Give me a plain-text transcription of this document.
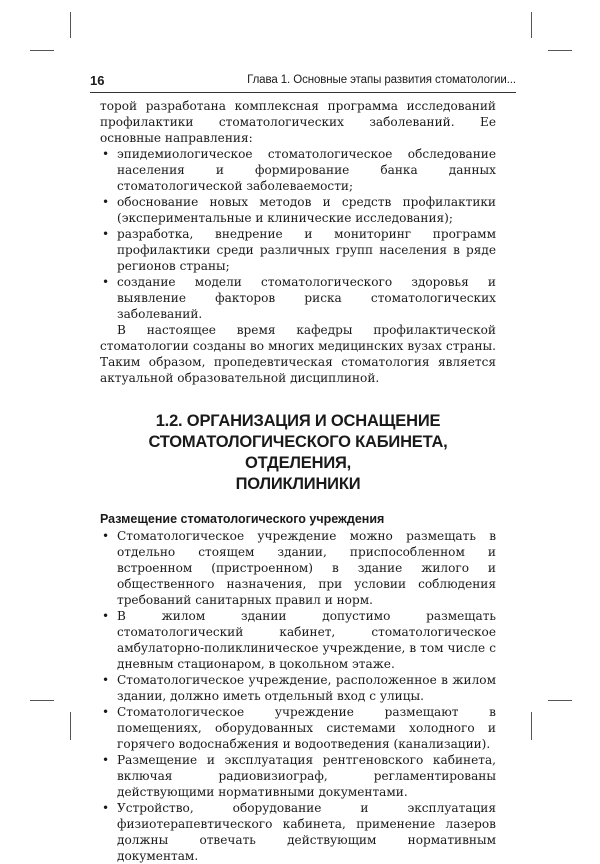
16	Глава 1. Основные этапы развития стоматологии...

торой разработана комплексная программа исследований профилактики стоматологических заболеваний. Ее основные направления:

• эпидемиологическое стоматологическое обследование населения и формирование банка данных стоматологической заболеваемости;
• обоснование новых методов и средств профилактики (экспериментальные и клинические исследования);
• разработка, внедрение и мониторинг программ профилактики среди различных групп населения в ряде регионов страны;
• создание модели стоматологического здоровья и выявление факторов риска стоматологических заболеваний.

В настоящее время кафедры профилактической стоматологии созданы во многих медицинских вузах страны. Таким образом, пропедевтическая стоматология является актуальной образовательной дисциплиной.

1.2. ОРГАНИЗАЦИЯ И ОСНАЩЕНИЕ
СТОМАТОЛОГИЧЕСКОГО КАБИНЕТА, ОТДЕЛЕНИЯ,
ПОЛИКЛИНИКИ
Размещение стоматологического учреждения
• Стоматологическое учреждение можно размещать в отдельно стоящем здании, приспособленном и встроенном (пристроенном) в здание жилого и общественного назначения, при условии соблюдения требований санитарных правил и норм.
• В жилом здании допустимо размещать стоматологический кабинет, стоматологическое амбулаторно-поликлиническое учреждение, в том числе с дневным стационаром, в цокольном этаже.
• Стоматологическое учреждение, расположенное в жилом здании, должно иметь отдельный вход с улицы.
• Стоматологическое учреждение размещают в помещениях, оборудованных системами холодного и горячего водоснабжения и водоотведения (канализации).
• Размещение и эксплуатация рентгеновского кабинета, включая радиовизиограф, регламентированы действующими нормативными документами.
• Устройство, оборудование и эксплуатация физиотерапевтического кабинета, применение лазеров должны отвечать действующим нормативным документам.
